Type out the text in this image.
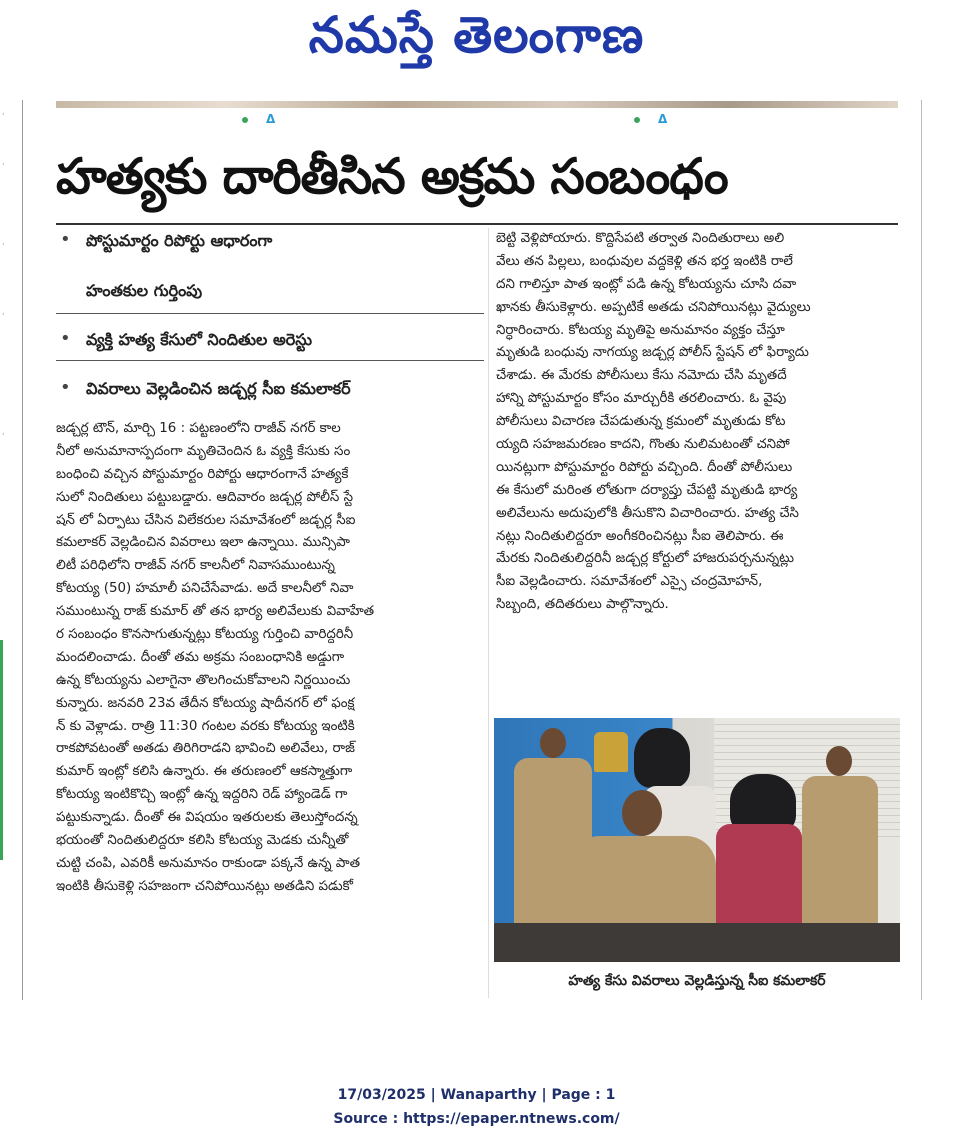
నమస్తే తెలంగాణ
ᐃ	ᐃ
·
·
·
·
·
హత్యకు దారితీసిన అక్రమ సంబంధం
• పోస్టుమార్టం రిపోర్టు ఆధారంగా
హంతకుల గుర్తింపు
• వ్యక్తి హత్య కేసులో నిందితుల అరెస్టు
• వివరాలు వెల్లడించిన జడ్చర్ల సీఐ కమలాకర్
జడ్చర్ల టౌన్, మార్చి 16 : పట్టణంలోని రాజీవ్ నగర్ కాల
నీలో అనుమానాస్పదంగా మృతిచెందిన ఓ వ్యక్తి కేసుకు సం
బంధించి వచ్చిన పోస్టుమార్టం రిపోర్టు ఆధారంగానే హత్యకే
సులో నిందితులు పట్టుబడ్డారు. ఆదివారం జడ్చర్ల పోలీస్ స్టే
షన్ లో ఏర్పాటు చేసిన విలేకరుల సమావేశంలో జడ్చర్ల సీఐ
కమలాకర్ వెల్లడించిన వివరాలు ఇలా ఉన్నాయి. మున్సిపా
లిటీ పరిధిలోని రాజీవ్ నగర్ కాలనీలో నివాసముంటున్న
కోటయ్య (50) హమాలీ పనిచేసేవాడు. అదే కాలనీలో నివా
సముంటున్న రాజ్ కుమార్ తో తన భార్య అలివేలుకు వివాహేత
ర సంబంధం కొనసాగుతున్నట్లు కోటయ్య గుర్తించి వారిద్దరినీ
మందలించాడు. దీంతో తమ అక్రమ సంబంధానికి అడ్డుగా
ఉన్న కోటయ్యను ఎలాగైనా తొలగించుకోవాలని నిర్ణయించు
కున్నారు. జనవరి 23వ తేదీన కోటయ్య షాదీనగర్ లో ఫంక్ష
న్ కు వెళ్లాడు. రాత్రి 11:30 గంటల వరకు కోటయ్య ఇంటికి
రాకపోవటంతో అతడు తిరిగిరాడని భావించి అలివేలు, రాజ్
కుమార్ ఇంట్లో కలిసి ఉన్నారు. ఈ తరుణంలో ఆకస్మాత్తుగా
కోటయ్య ఇంటికొచ్చి ఇంట్లో ఉన్న ఇద్దరిని రెడ్ హ్యాండెడ్ గా
పట్టుకున్నాడు. దీంతో ఈ విషయం ఇతరులకు తెలుస్తోందన్న
భయంతో నిందితులిద్దరూ కలిసి కోటయ్య మెడకు చున్నీతో
చుట్టి చంపి, ఎవరికీ అనుమానం రాకుండా పక్కనే ఉన్న పాత
ఇంటికి తీసుకెళ్లి సహజంగా చనిపోయినట్లు అతడిని పడుకో
బెట్టి వెళ్లిపోయారు. కొద్దిసేపటి తర్వాత నిందితురాలు అలి
వేలు తన పిల్లలు, బంధువుల వద్దకెళ్లి తన భర్త ఇంటికి రాలే
దని గాలిస్తూ పాత ఇంట్లో పడి ఉన్న కోటయ్యను చూసి దవా
ఖానకు తీసుకెళ్లారు. అప్పటికే అతడు చనిపోయినట్లు వైద్యులు
నిర్ధారించారు. కోటయ్య మృతిపై అనుమానం వ్యక్తం చేస్తూ
మృతుడి బంధువు నాగయ్య జడ్చర్ల పోలీస్ స్టేషన్ లో ఫిర్యాదు
చేశాడు. ఈ మేరకు పోలీసులు కేసు నమోదు చేసి మృతదే
హాన్ని పోస్టుమార్టం కోసం మార్చురీకి తరలించారు. ఓ వైపు
పోలీసులు విచారణ చేపడుతున్న క్రమంలో మృతుడు కోట
య్యది సహజమరణం కాదని, గొంతు నులిమటంతో చనిపో
యినట్లుగా పోస్టుమార్టం రిపోర్టు వచ్చింది. దీంతో పోలీసులు
ఈ కేసులో మరింత లోతుగా దర్యాప్తు చేపట్టి మృతుడి భార్య
అలివేలును అదుపులోకి తీసుకొని విచారించారు. హత్య చేసి
నట్లు నిందితులిద్దరూ అంగీకరించినట్లు సీఐ తెలిపారు. ఈ
మేరకు నిందితులిద్దరినీ జడ్చర్ల కోర్టులో హాజరుపర్చనున్నట్లు
సీఐ వెల్లడించారు. సమావేశంలో ఎస్సై చంద్రమోహన్,
సిబ్బంది, తదితరులు పాల్గొన్నారు.
హత్య కేసు వివరాలు వెల్లడిస్తున్న సీఐ కమలాకర్
17/03/2025 | Wanaparthy | Page : 1
Source : https://epaper.ntnews.com/
